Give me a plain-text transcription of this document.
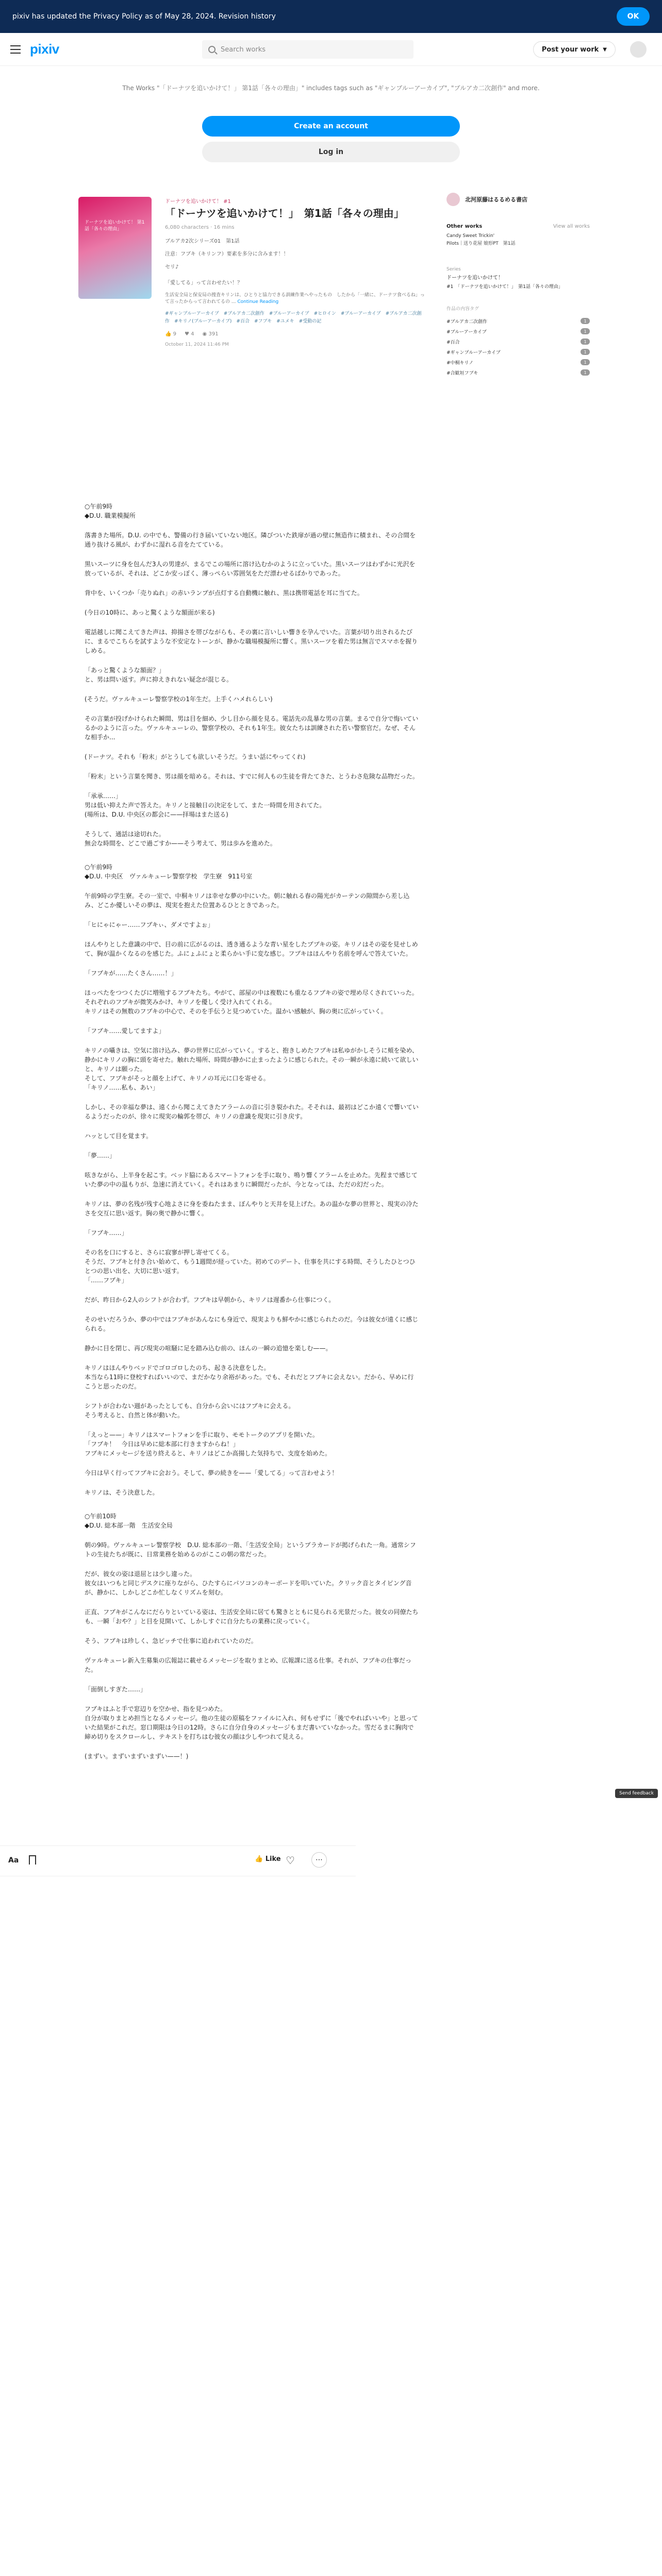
pixiv has updated the Privacy Policy as of May 28, 2024. Revision history	OK
pixiv	Search works	Post your work ▼
The Works "「ドーナツを追いかけて！」 第1話「各々の理由」" includes tags such as "ギャンブルーアーカイブ", "ブルアカ二次創作" and more.
Create an account
Log in
ドーナツを追いかけて！ 第1話「各々の理由」
ドーナツを追いかけて！ #1
「ドーナツを追いかけて！」　第1話「各々の理由」
6,080 characters · 16 mins
ブルアカ2次シリーズ01　第1話
注意：フブキ（キリンフ）要素を多分に含みます！！
セリ♪
「愛してる」って言わせたい！？
生活安全局と保安局の捜査キリンは、ひとりと協力できる訓練作業へやったもの　したから「一緒に、ドーナツ食べるね」って言ったからって言われてるの ... Continue Reading
#ギャンブルーアーカイブ　#ブルアカ二次創作　#ブルーアーカイブ　#ヒロイン　#ブルーアーカイブ　#ブルアカ二次創作　#キリノ(ブルーアーカイブ)　#百合　#フブキ　#ユメキ　#受動の記
👍 9 ♥ 4 ◉ 391
October 11, 2024 11:46 PM
○午前9時
◆D.U. 職業模擬所
落書きた場所。D.U. の中でも、警備の行き届いていない地区。隣びついた鉄扉が過の壁に無造作に積まれ、その合間を通り抜ける風が、わずかに湿れる音をたてている。
黒いスーツに身を包んだ3人の男達が、まるでこの場所に溶け込むかのように立っていた。黒いスーツはわずかに光沢を放っているが、それは、どこか安っぽく、薄っぺらい雰囲気をただ漂わせるばかりであった。
背中を、いくつか「売りぬれ」の赤いランプが点灯する自動機に触れ、黒は携帯電話を耳に当てた。
(今日の10時に、あっと驚くような額面が来る)
電話越しに聞こえてきた声は、抑揚さを帯びながらも、その裏に言いしい響きを孕んでいた。言葉が切り出されるたびに、まるでこちらを試すような不安定なトーンが、静かな職場模擬所に響く。黒いスーツを着た男は無言でスマホを握りしめる。
「あっと驚くような額面？」
と、男は問い返す。声に抑えきれない疑念が混じる。
(そうだ。ヴァルキューレ警察学校の1年生だ。上手くハメれらしい)
その言葉が投げかけられた瞬間、男は目を細め、少し目から顔を見る。電話先の乱暴な男の言葉。まるで自分で悔いているかのように言った。ヴァルキューレの、警察学校の、それも1年生。彼女たちは訓練された若い警察官だ。なぜ、そんな相手か...
(ドーナツ。それも「粉末」がとうしても欲しいそうだ。うまい話にやってくれ)
「粉末」という言葉を聞き、男は顔を暗める。それは、すでに何人もの生徒を背たてきた、とうわさ危険な品物だった。
「承承……」
男は低い抑えた声で答えた。キリノと接触日の決定をして、また一時間を用されてた。
(場所は、D.U. 中央区の都会に——拝場はまた送る)
そうして、通話は途切れた。
無会な時間を、どこで過ごすか——そう考えて、男は歩みを進めた。
○午前9時
◆D.U. 中央区　ヴァルキューレ警察学校　学生寮　911号室
午前9時の学生寮。その一室で、中桐キリノは幸せな夢の中にいた。朝に触れる春の陽光がカーテンの隙間から差し込み、どこか優しいその夢は、現実を抱えた位置あるひとときであった。
「ヒにゃにゃー……フブキぃ、ダメですよぉ」
ほんやりとした意識の中で、目の前に広がるのは、透き通るような青い星をしたブブキの姿。キリノはその姿を見せしめて、胸が温かくなるのを感じた。ふにょふにょと柔らかい手に変な感じ。フブキはほんやり名前を呼んで答えていた。
「フブキが……たくさん……！」
ほっぺたをつつくたびに増殖するフブキたち。やがて、部屋の中は複数にも重なるフブキの姿で埋め尽くされていった。それぞれのフブキが微笑みかけ、キリノを優しく受け入れてくれる。
キリノはその無数のフブキの中心で、そのを手伝うと見つめていた。温かい感触が、胸の奥に広がっていく。
「フブキ……愛してますよ」
キリノの囁きは、空気に溶け込み、夢の世界に広がっていく。すると、抱きしめたフブキは私ゆがかしそうに頬を染め、静かにキリノの胸に頭を寄せた。触れた場所、時間が静かに止まったように感じられた。その一瞬が永遠に続いて欲しいと、キリノは願った。
そして、フブキがそっと顔を上げて、キリノの耳元に口を寄せる。
「キリノ……私も、あい」
しかし、その幸福な夢は、遠くから聞こえてきたアラームの音に引き裂かれた。そそれは、最初はどこか遠くで響いているようだったのが、徐々に現実の輪郭を帯び、キリノの意識を現実に引き戻す。
ハッとして目を覚ます。
「夢……」
呟きながら、上半身を起こす。ベッド脇にあるスマートフォンを手に取り、鳴り響くアラームを止めた。先程まで感じていた夢の中の温もりが、急速に消えていく。それはあまりに瞬間だったが、今となっては、ただの幻だった。
キリノは、夢の名残が残す心地よさに身を委ねたまま、ぼんやりと天井を見上げた。あの温かな夢の世界と、現実の冷たさを交互に思い返す。胸の奥で静かに響く。
「フブキ……」
その名を口にすると、さらに寂寥が押し寄せてくる。
そうだ、フブキと付き合い始めて、もう1週間が経っていた。初めてのデート、仕事を共にする時間、そうしたひとつひとつの思い出を、大切に思い返す。
「……フブキ」
だが、昨日から2人のシフトが合わず。フブキは早朝から、キリノは遅番から仕事につく。
そのせいだろうか、夢の中ではフブキがあんなにも身近で、現実よりも鮮やかに感じられたのだ。今は彼女が遠くに感じられる。
静かに目を閉じ、再び現実の喧騒に足を踏み込む前の、ほんの一瞬の追憶を楽しむ——。
キリノはほんやりベッドでゴロゴロしたのち、起きる決意をした。
本当なら11時に登校すればいいので、まだかなり余裕があった。でも、それだとフブキに会えない。だから、早めに行こうと思ったのだ。
シフトが合わない週があったとしても、自分から会いにはフブキに会える。
そう考えると、自然と体が動いた。
「えっと——」キリノはスマートフォンを手に取り、モモトークのアプリを開いた。
「フブキ！　今日は早めに総本部に行きますからね！」
フブキにメッセージを送り終えると、キリノはどこか高揚した気持ちで、支度を始めた。
今日は早く行ってフブキに会おう。そして、夢の続きを——「愛してる」って言わせよう！
キリノは、そう決意した。
○午前10時
◆D.U. 総本部一階　生活安全局
朝の9時。ヴァルキューレ警察学校　D.U. 総本部の一階、「生活安全局」というプラカードが掲げられた一角。通常シフトの生徒たちが既に、日常業務を始めるのがここの朝の常だった。
だが、彼女の姿は退屈とは少し違った。
彼女はいつもと同じデスクに座りながら、ひたすらにパソコンのキーボードを叩いていた。クリック音とタイピング音が、静かに、しかしどこか忙しなくリズムを刻む。
正直、フブキがこんなにだらりといている姿は、生活安全局に居ても驚きとともに見られる光景だった。彼女の同僚たちも、一瞬「おや？」と目を見開いて、しかしすぐに自分たちの業務に戻っていく。
そう、フブキは珍しく、急ピッチで仕事に追われていたのだ。
ヴァルキューレ新入生募集の広報誌に載せるメッセージを取りまとめ、広報課に送る仕事。それが、フブキの仕事だった。
「面倒しすぎた……」
フブキはふと手で窓辺りを空かせ、指を見つめた。
自分が取りまとめ担当となるメッセージ。他の生徒の原稿をファイルに入れ、何もせずに「後でやればいいや」と思っていた結果がこれだ。窓口期限は今日の12時。さらに自分自身のメッセージもまだ書いていなかった。雪だるまに胸肉で締め切りをスクロールし、テキストを打ちはむ彼女の顔は少しやつれて見える。
(まずい。まずいまずいまずい——！)
北河原藤はるるめる書店
Other works	View all works
Candy Sweet Trickin'
Pilots｜送り花屋 娘形PT　第1話
Series
ドーナツを追いかけて！
#1　「ドーナツを追いかけて！」　第1話「各々の理由」
作品の内容タグ
#ブルアカ二次創作	1
#ブルーアーカイブ	1
#百合	1
#ギャンブルーアーカイブ	1
#中桐キリノ	1
#合歓垣フブキ	1
Aa	👍 Like ♡	⋯
Send feedback
